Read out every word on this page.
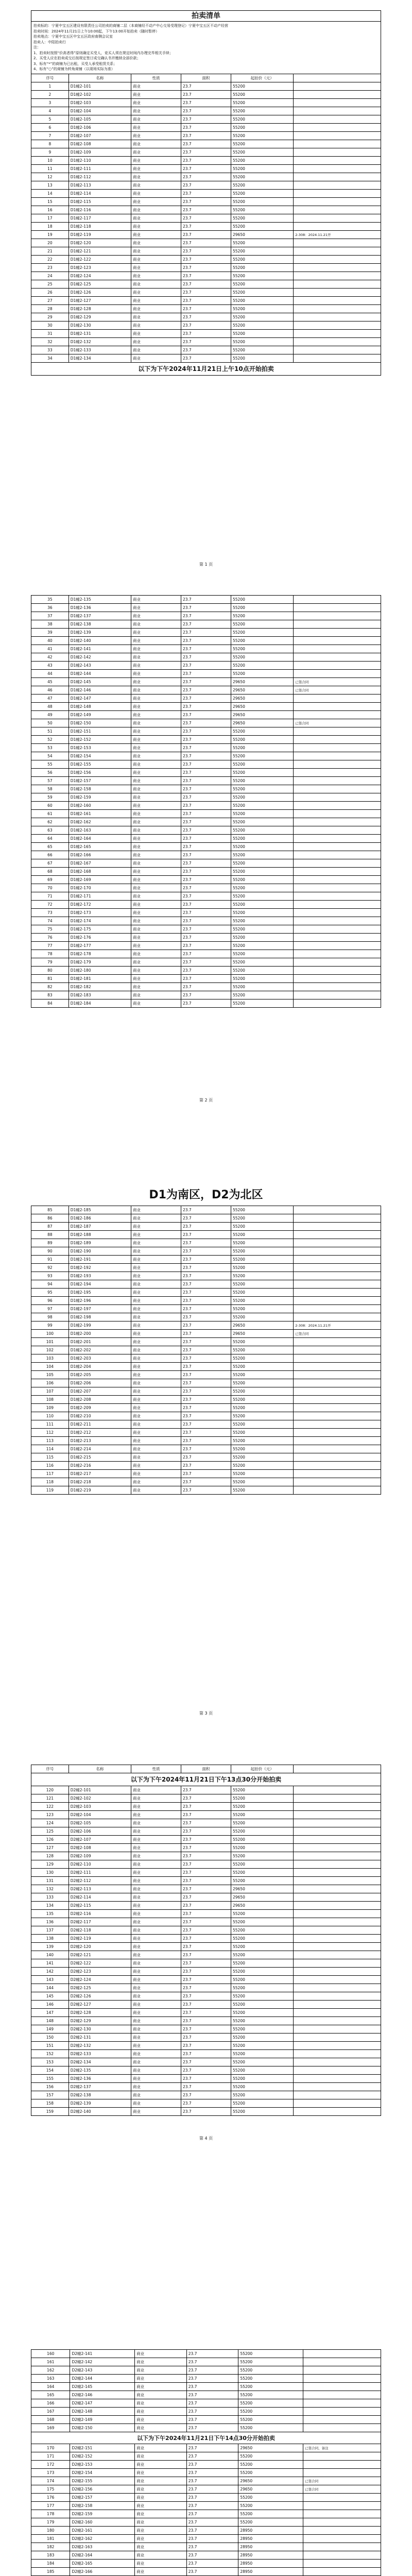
拍卖清单

拍卖标的：宁夏中宝五区建设有限责任公司拍卖的商铺二层（本商铺经不动产中心交易受理登记）宁夏中宝五区不动产经营

拍卖时间：2024年11月21日上午10:00起，下午13:00开始拍卖（随时暂停）

拍卖地点：宁夏中宝五区中宝五区政府南侧会议室

拍卖人：中阳拍卖行

注：

1、拍卖时按照“价高者得”原则确定买受人，竞买人须在规定时间内办理完毕相关手续；

2、买受人应在拍卖成交后按规定签订成交确认书并缴纳全部价款；

3、标有“*”的商铺为已出租，买受人承受租赁关系；

4、标有“○”的商铺为转角商铺（以现场实际为准）

序号	名称	性质	面积	起拍价（元）	
1	D1幢2-101	商业	23.7	55200	
2	D1幢2-102	商业	23.7	55200	
3	D1幢2-103	商业	23.7	55200	
4	D1幢2-104	商业	23.7	55200	
5	D1幢2-105	商业	23.7	55200	
6	D1幢2-106	商业	23.7	55200	
7	D1幢2-107	商业	23.7	55200	
8	D1幢2-108	商业	23.7	55200	
9	D1幢2-109	商业	23.7	55200	
10	D1幢2-110	商业	23.7	55200	
11	D1幢2-111	商业	23.7	55200	
12	D1幢2-112	商业	23.7	55200	
13	D1幢2-113	商业	23.7	55200	
14	D1幢2-114	商业	23.7	55200	
15	D1幢2-115	商业	23.7	55200	
16	D1幢2-116	商业	23.7	55200	
17	D1幢2-117	商业	23.7	55200	
18	D1幢2-118	商业	23.7	55200	
19	D1幢2-119	商业	23.7	29650	2-308：2024.11.21开
20	D1幢2-120	商业	23.7	55200	
21	D1幢2-121	商业	23.7	55200	
22	D1幢2-122	商业	23.7	55200	
23	D1幢2-123	商业	23.7	55200	
24	D1幢2-124	商业	23.7	55200	
25	D1幢2-125	商业	23.7	55200	
26	D1幢2-126	商业	23.7	55200	
27	D1幢2-127	商业	23.7	55200	
28	D1幢2-128	商业	23.7	55200	
29	D1幢2-129	商业	23.7	55200	
30	D1幢2-130	商业	23.7	55200	
31	D1幢2-131	商业	23.7	55200	
32	D1幢2-132	商业	23.7	55200	
33	D1幢2-133	商业	23.7	55200	
34	D1幢2-134	商业	23.7	55200	
以下为下午2024年11月21日上午10点开始拍卖
第 1 页
35	D1幢2-135	商业	23.7	55200	
36	D1幢2-136	商业	23.7	55200	
37	D1幢2-137	商业	23.7	55200	
38	D1幢2-138	商业	23.7	55200	
39	D1幢2-139	商业	23.7	55200	
40	D1幢2-140	商业	23.7	55200	
41	D1幢2-141	商业	23.7	55200	
42	D1幢2-142	商业	23.7	55200	
43	D1幢2-143	商业	23.7	55200	
44	D1幢2-144	商业	23.7	55200	
45	D1幢2-145	商业	23.7	29650	已签合同
46	D1幢2-146	商业	23.7	29650	已签合同
47	D1幢2-147	商业	23.7	29650	
48	D1幢2-148	商业	23.7	29650	
49	D1幢2-149	商业	23.7	29650	
50	D1幢2-150	商业	23.7	29650	已签合同
51	D1幢2-151	商业	23.7	55200	
52	D1幢2-152	商业	23.7	55200	
53	D1幢2-153	商业	23.7	55200	
54	D1幢2-154	商业	23.7	55200	
55	D1幢2-155	商业	23.7	55200	
56	D1幢2-156	商业	23.7	55200	
57	D1幢2-157	商业	23.7	55200	
58	D1幢2-158	商业	23.7	55200	
59	D1幢2-159	商业	23.7	55200	
60	D1幢2-160	商业	23.7	55200	
61	D1幢2-161	商业	23.7	55200	
62	D1幢2-162	商业	23.7	55200	
63	D1幢2-163	商业	23.7	55200	
64	D1幢2-164	商业	23.7	55200	
65	D1幢2-165	商业	23.7	55200	
66	D1幢2-166	商业	23.7	55200	
67	D1幢2-167	商业	23.7	55200	
68	D1幢2-168	商业	23.7	55200	
69	D1幢2-169	商业	23.7	55200	
70	D1幢2-170	商业	23.7	55200	
71	D1幢2-171	商业	23.7	55200	
72	D1幢2-172	商业	23.7	55200	
73	D1幢2-173	商业	23.7	55200	
74	D1幢2-174	商业	23.7	55200	
75	D1幢2-175	商业	23.7	55200	
76	D1幢2-176	商业	23.7	55200	
77	D1幢2-177	商业	23.7	55200	
78	D1幢2-178	商业	23.7	55200	
79	D1幢2-179	商业	23.7	55200	
80	D1幢2-180	商业	23.7	55200	
81	D1幢2-181	商业	23.7	55200	
82	D1幢2-182	商业	23.7	55200	
83	D1幢2-183	商业	23.7	55200	
84	D1幢2-184	商业	23.7	55200	
第 2 页
D1为南区，D2为北区
85	D1幢2-185	商业	23.7	55200	
86	D1幢2-186	商业	23.7	55200	
87	D1幢2-187	商业	23.7	55200	
88	D1幢2-188	商业	23.7	55200	
89	D1幢2-189	商业	23.7	55200	
90	D1幢2-190	商业	23.7	55200	
91	D1幢2-191	商业	23.7	55200	
92	D1幢2-192	商业	23.7	55200	
93	D1幢2-193	商业	23.7	55200	
94	D1幢2-194	商业	23.7	55200	
95	D1幢2-195	商业	23.7	55200	
96	D1幢2-196	商业	23.7	55200	
97	D1幢2-197	商业	23.7	55200	
98	D1幢2-198	商业	23.7	55200	
99	D1幢2-199	商业	23.7	29650	2-308：2024.11.21开
100	D1幢2-200	商业	23.7	29650	已签合同
101	D1幢2-201	商业	23.7	55200	
102	D1幢2-202	商业	23.7	55200	
103	D1幢2-203	商业	23.7	55200	
104	D1幢2-204	商业	23.7	55200	
105	D1幢2-205	商业	23.7	55200	
106	D1幢2-206	商业	23.7	55200	
107	D1幢2-207	商业	23.7	55200	
108	D1幢2-208	商业	23.7	55200	
109	D1幢2-209	商业	23.7	55200	
110	D1幢2-210	商业	23.7	55200	
111	D1幢2-211	商业	23.7	55200	
112	D1幢2-212	商业	23.7	55200	
113	D1幢2-213	商业	23.7	55200	
114	D1幢2-214	商业	23.7	55200	
115	D1幢2-215	商业	23.7	55200	
116	D1幢2-216	商业	23.7	55200	
117	D1幢2-217	商业	23.7	55200	
118	D1幢2-218	商业	23.7	55200	
119	D1幢2-219	商业	23.7	55200	
第 3 页
序号	名称	性质	面积	起拍价（元）	
以下为下午2024年11月21日下午13点30分开始拍卖
120	D2幢2-101	商业	23.7	55200	
121	D2幢2-102	商业	23.7	55200	
122	D2幢2-103	商业	23.7	55200	
123	D2幢2-104	商业	23.7	55200	
124	D2幢2-105	商业	23.7	55200	
125	D2幢2-106	商业	23.7	55200	
126	D2幢2-107	商业	23.7	55200	
127	D2幢2-108	商业	23.7	55200	
128	D2幢2-109	商业	23.7	55200	
129	D2幢2-110	商业	23.7	55200	
130	D2幢2-111	商业	23.7	55200	
131	D2幢2-112	商业	23.7	55200	
132	D2幢2-113	商业	23.7	29650	
133	D2幢2-114	商业	23.7	29650	
134	D2幢2-115	商业	23.7	29650	
135	D2幢2-116	商业	23.7	55200	
136	D2幢2-117	商业	23.7	55200	
137	D2幢2-118	商业	23.7	55200	
138	D2幢2-119	商业	23.7	55200	
139	D2幢2-120	商业	23.7	55200	
140	D2幢2-121	商业	23.7	55200	
141	D2幢2-122	商业	23.7	55200	
142	D2幢2-123	商业	23.7	55200	
143	D2幢2-124	商业	23.7	55200	
144	D2幢2-125	商业	23.7	55200	
145	D2幢2-126	商业	23.7	55200	
146	D2幢2-127	商业	23.7	55200	
147	D2幢2-128	商业	23.7	55200	
148	D2幢2-129	商业	23.7	55200	
149	D2幢2-130	商业	23.7	55200	
150	D2幢2-131	商业	23.7	55200	
151	D2幢2-132	商业	23.7	55200	
152	D2幢2-133	商业	23.7	55200	
153	D2幢2-134	商业	23.7	55200	
154	D2幢2-135	商业	23.7	55200	
155	D2幢2-136	商业	23.7	55200	
156	D2幢2-137	商业	23.7	55200	
157	D2幢2-138	商业	23.7	55200	
158	D2幢2-139	商业	23.7	55200	
159	D2幢2-140	商业	23.7	55200	
第 4 页
160	D2幢2-141	商业	23.7	55200	
161	D2幢2-142	商业	23.7	55200	
162	D2幢2-143	商业	23.7	55200	
163	D2幢2-144	商业	23.7	55200	
164	D2幢2-145	商业	23.7	55200	
165	D2幢2-146	商业	23.7	55200	
166	D2幢2-147	商业	23.7	55200	
167	D2幢2-148	商业	23.7	55200	
168	D2幢2-149	商业	23.7	55200	
169	D2幢2-150	商业	23.7	55200	
以下为下午2024年11月21日下午14点30分开始拍卖					
170	D2幢2-151	商业	23.7	29650	已签合同，备注
171	D2幢2-152	商业	23.7	55200	
172	D2幢2-153	商业	23.7	55200	
173	D2幢2-154	商业	23.7	55200	
174	D2幢2-155	商业	23.7	29650	已签合同
175	D2幢2-156	商业	23.7	29650	已签合同
176	D2幢2-157	商业	23.7	55200	
177	D2幢2-158	商业	23.7	55200	
178	D2幢2-159	商业	23.7	55200	
179	D2幢2-160	商业	23.7	55200	
180	D2幢2-161	商业	23.7	28950	
181	D2幢2-162	商业	23.7	28950	
182	D2幢2-163	商业	23.7	28950	
183	D2幢2-164	商业	23.7	28950	
184	D2幢2-165	商业	23.7	28950	
185	D2幢2-166	商业	23.7	28950	
